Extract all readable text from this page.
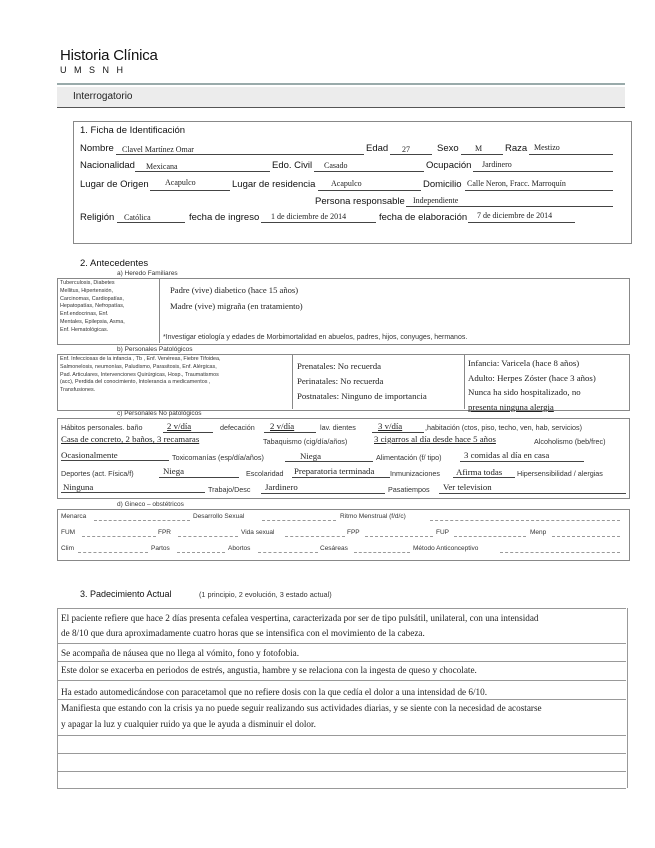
Historia Clínica
U M S N H
Interrogatorio
1. Ficha de Identificación
Nombre Clavel Martínez Omar	Edad 27	Sexo M Raza Mestizo
Nacionalidad Mexicana	Edo. Civil Casado	Ocupación Jardinero
Lugar de Origen Acapulco	Lugar de residencia Acapulco	Domicilio Calle Neron, Fracc. Marroquín
Persona responsable Independiente
Religión Católica	fecha de ingreso 1 de diciembre de 2014	fecha de elaboración 7 de diciembre de 2014
2. Antecedentes
a) Heredo Familiares
Tuberculosis, Diabetes
Mellitus, Hipertensión,
Carcinomas, Cardiopatías,
Hepatopatías, Nefropatías,
Enf.endocrinas, Enf.
Mentales, Epilepsia, Asma,
Enf. Hematológicas.
Padre (vive) diabetico (hace 15 años)
Madre (vive) migraña (en tratamiento)
*Investigar etiología y edades de Morbimortalidad en abuelos, padres, hijos, conyuges, hermanos.
b) Personales Patológicos
Enf. Infecciosas de la infancia , Tb , Enf. Venéreas, Fiebre Tifoidea,
Salmonelosis, neumonías, Paludismo, Parasitosis, Enf. Alérgicas,
Pad. Articulares, Intervenciones Quirúrgicas, Hosp., Traumatismos
(acc), Perdida del conocimiento, Intolerancia a medicamentos ,
Transfusiones.
Prenatales: No recuerda
Perinatales: No recuerda
Postnatales: Ninguno de importancia
Infancia: Varicela (hace 8 años)
Adulto: Herpes Zóster (hace 3 años)
Nunca ha sido hospitalizado, no
presenta ninguna alergia
c) Personales No patológicos
Hábitos personales. baño	2 v/día	defecación 2 v/día	lav. dientes	3 v/día	,habitación (ctos, piso, techo, ven, hab, servicios)
Casa de concreto, 2 baños, 3 recamaras	Tabaquismo (cig/día/años)	3 cigarros al día desde hace 5 años	Alcoholismo (beb/frec)
Ocasionalmente	Toxicomanías (esp/día/años)	Niega	Alimentación (f/ tipo)	3 comidas al día en casa
Deportes (act. Física/f)	Niega	Escolaridad Preparatoria terminada Inmunizaciones Afirma todas Hipersensibilidad / alergias
Ninguna	Trabajo/Desc Jardinero	Pasatiempos Ver television
d) Gineco – obstétricos
Menarca	Desarrollo Sexual	Ritmo Menstrual (f/d/c)
FUM	FPR	Vida sexual	FPP	FUP	Menp
Clim	Partos	Abortos	Cesáreas	Método Anticonceptivo
3. Padecimiento Actual	(1 principio, 2 evolución, 3 estado actual)
El paciente refiere que hace 2 días presenta cefalea vespertina, caracterizada por ser de tipo pulsátil, unilateral, con una intensidad
de 8/10 que dura aproximadamente cuatro horas que se intensifica con el movimiento de la cabeza.
Se acompaña de náusea que no llega al vómito, fono y fotofobia.
Este dolor se exacerba en periodos de estrés, angustia, hambre y se relaciona con la ingesta de queso y chocolate.
Ha estado automedicándose con paracetamol que no refiere dosis con la que cedía el dolor a una intensidad de 6/10.
Manifiesta que estando con la crisis ya no puede seguir realizando sus actividades diarias, y se siente con la necesidad de acostarse
y apagar la luz y cualquier ruido ya que le ayuda a disminuir el dolor.
